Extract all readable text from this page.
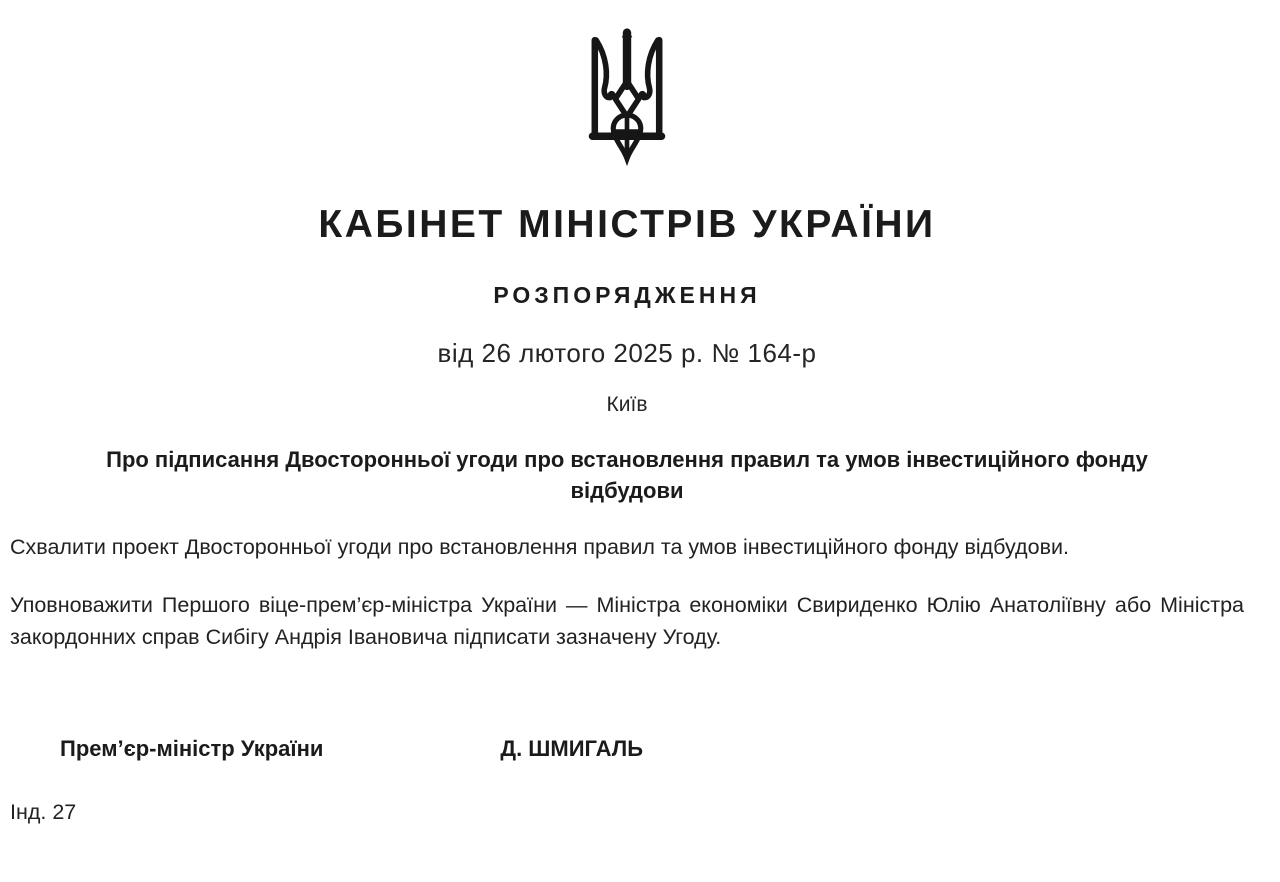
КАБІНЕТ МІНІСТРІВ УКРАЇНИ
РОЗПОРЯДЖЕННЯ
від 26 лютого 2025 р. № 164-р
Київ
Про підписання Двосторонньої угоди про встановлення правил та умов інвестиційного фонду відбудови
Схвалити проект Двосторонньої угоди про встановлення правил та умов інвестиційного фонду відбудови.
Уповноважити Першого віце-прем’єр-міністра України — Міністра економіки Свириденко Юлію Анатоліївну або Міністра закордонних справ Сибігу Андрія Івановича підписати зазначену Угоду.
Прем’єр-міністр України	Д. ШМИГАЛЬ
Інд. 27
